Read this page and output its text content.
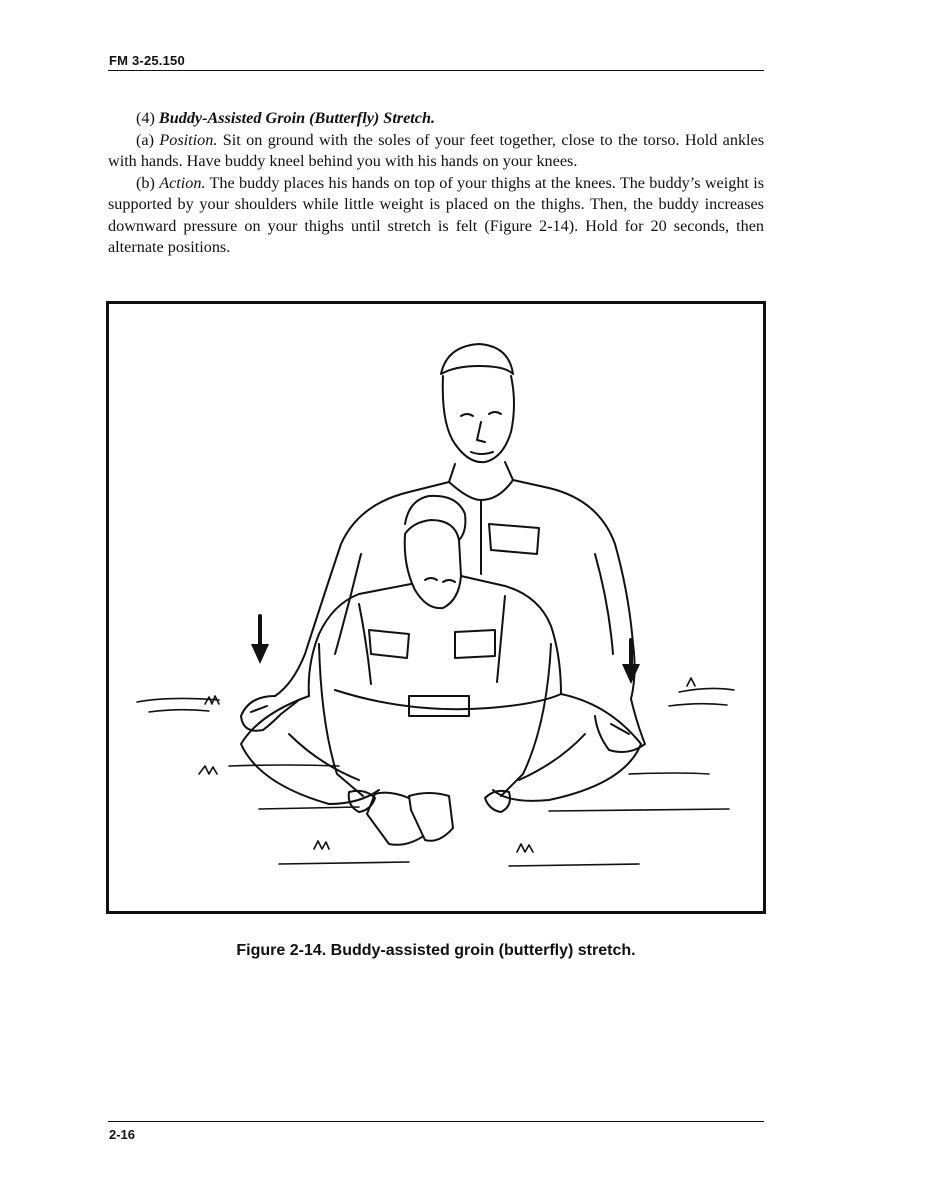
FM 3-25.150

(4) Buddy-Assisted Groin (Butterfly) Stretch.

(a) Position. Sit on ground with the soles of your feet together, close to the torso. Hold ankles with hands. Have buddy kneel behind you with his hands on your knees.

(b) Action. The buddy places his hands on top of your thighs at the knees. The buddy’s weight is supported by your shoulders while little weight is placed on the thighs. Then, the buddy increases downward pressure on your thighs until stretch is felt (Figure 2-14). Hold for 20 seconds, then alternate positions.

Figure 2-14. Buddy-assisted groin (butterfly) stretch.
2-16
